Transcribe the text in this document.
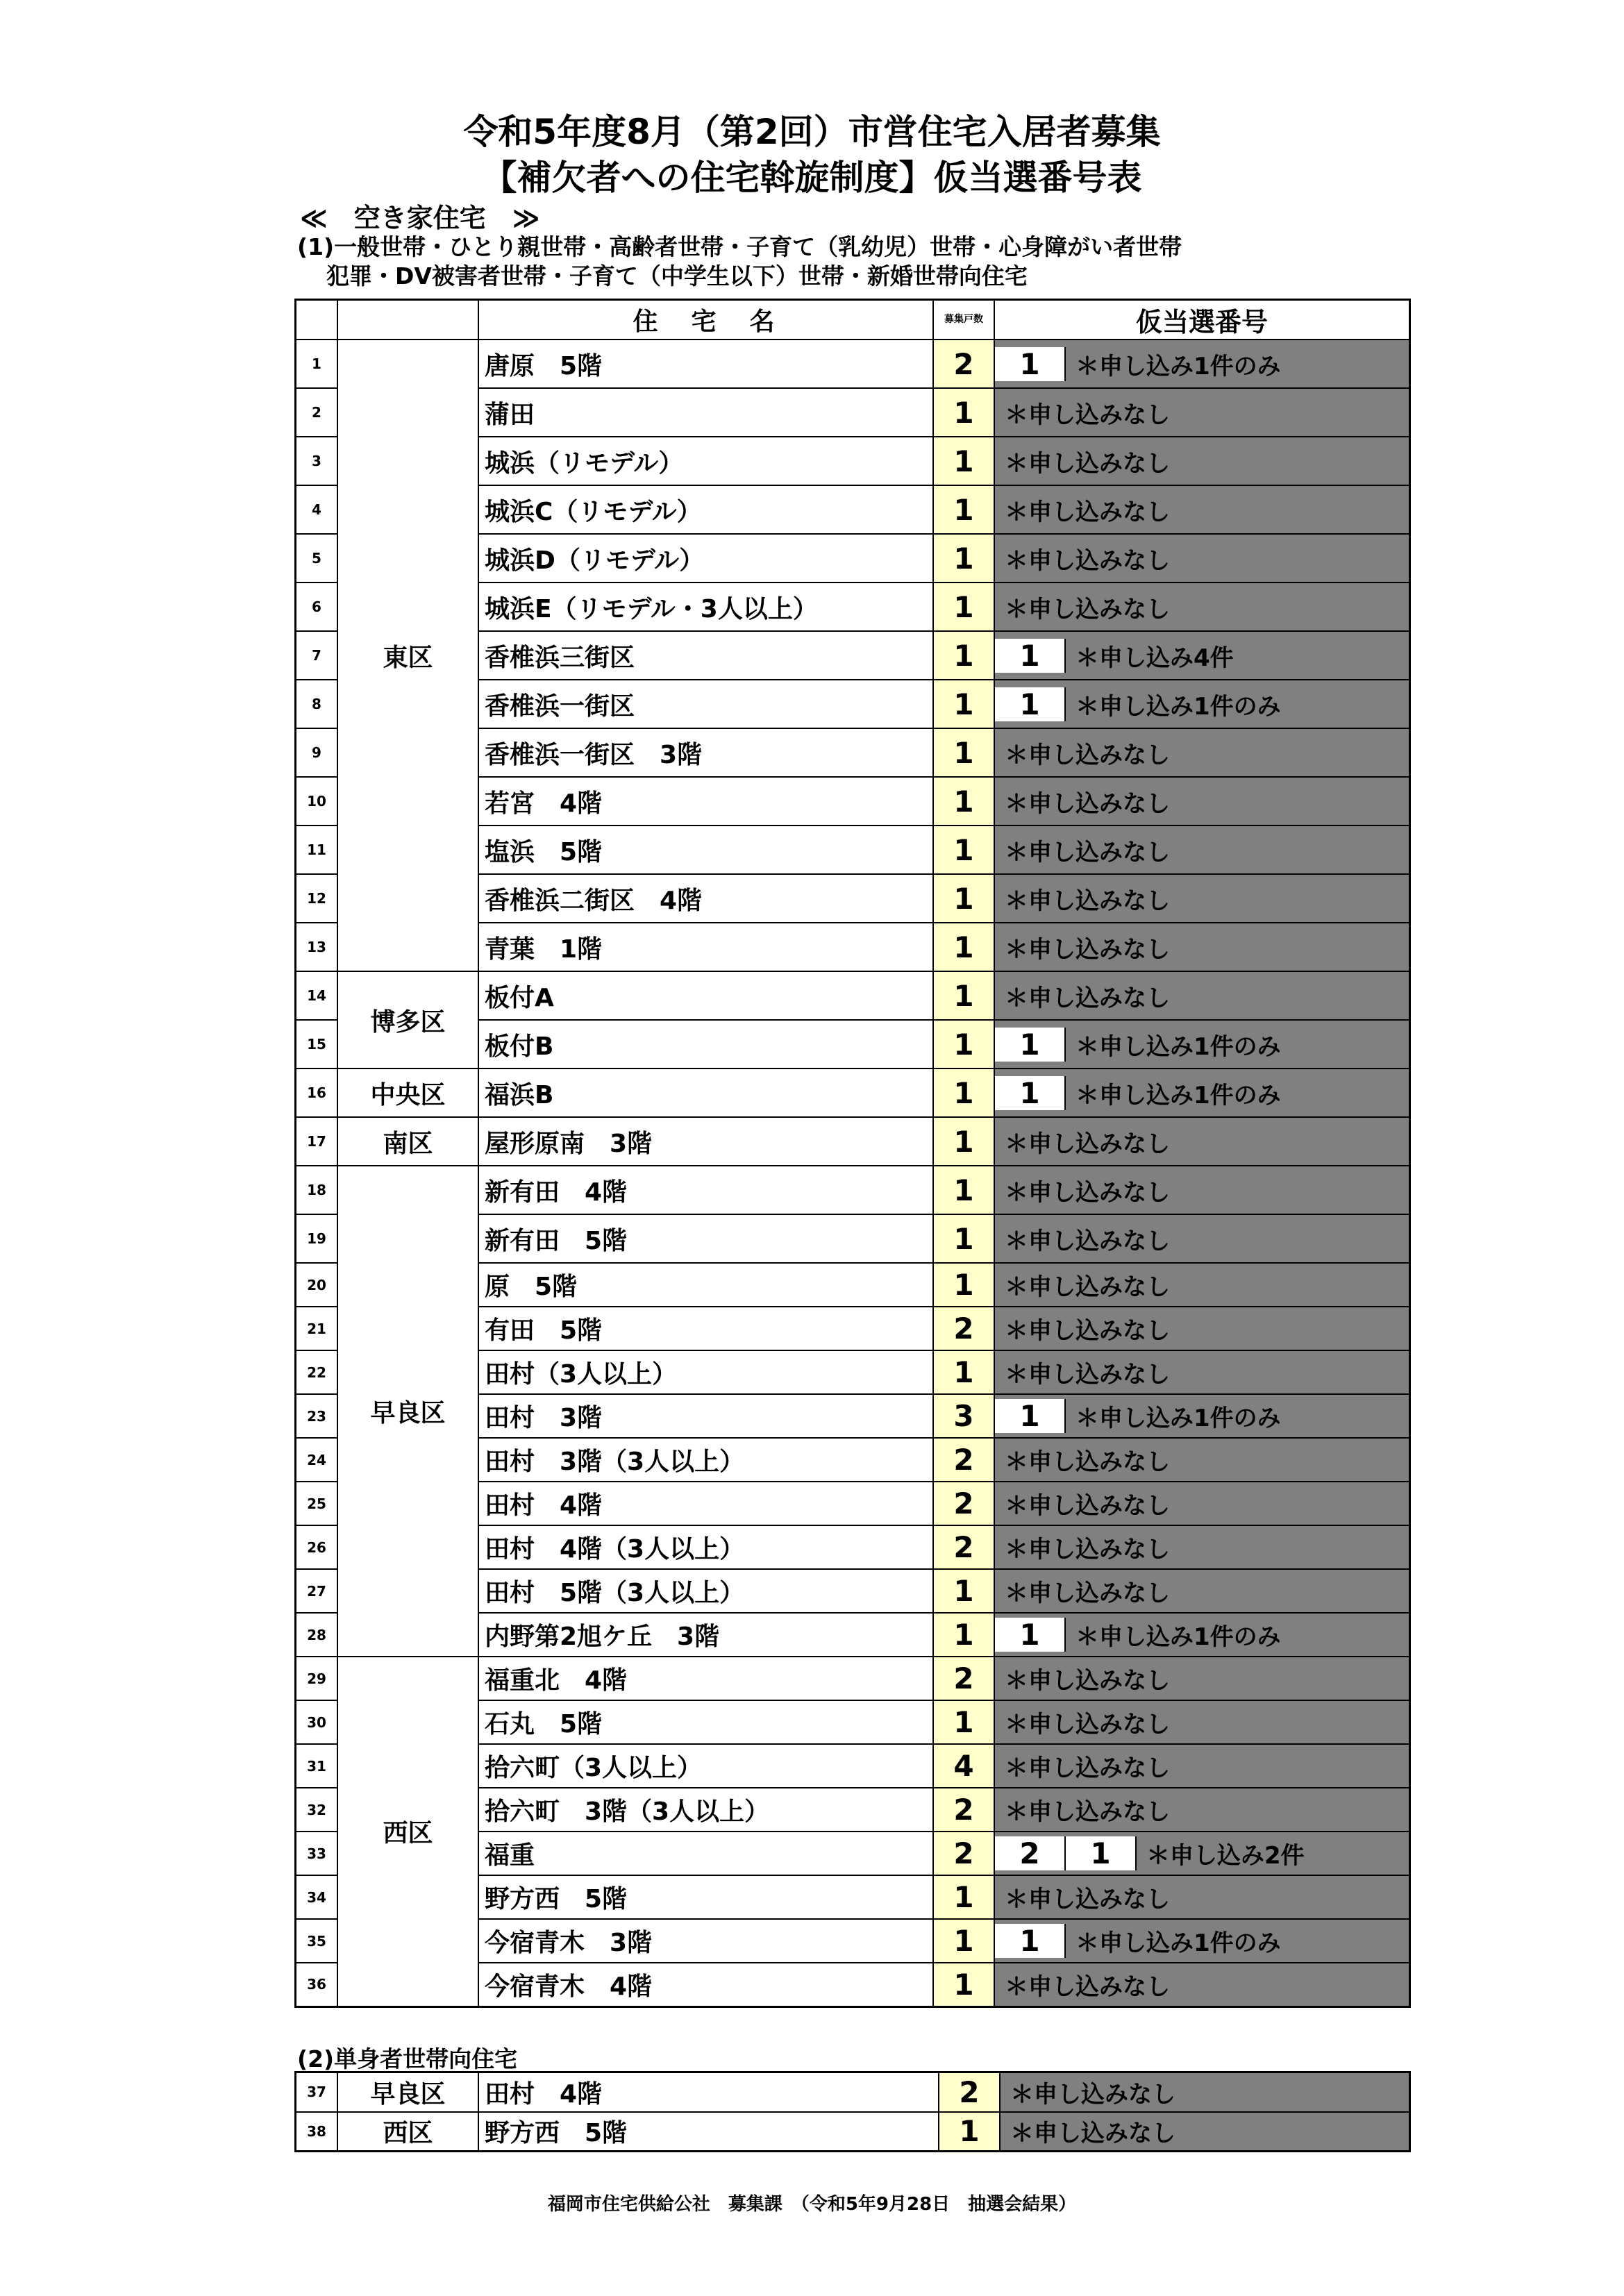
令和5年度8月（第2回）市営住宅入居者募集
【補欠者への住宅斡旋制度】仮当選番号表
≪　空き家住宅　≫
(1)一般世帯・ひとり親世帯・高齢者世帯・子育て（乳幼児）世帯・心身障がい者世帯
犯罪・DV被害者世帯・子育て（中学生以下）世帯・新婚世帯向住宅
		住　宅　名	募集戸数	仮当選番号
1	東区	唐原　5階	2	1 ＊申し込み1件のみ

2		蒲田	1	＊申し込みなし

3		城浜（リモデル）	1	＊申し込みなし

4		城浜C（リモデル）	1	＊申し込みなし

5		城浜D（リモデル）	1	＊申し込みなし

6		城浜E（リモデル・3人以上）	1	＊申し込みなし

7		香椎浜三街区	1	1 ＊申し込み4件

8		香椎浜一街区	1	1 ＊申し込み1件のみ

9		香椎浜一街区　3階	1	＊申し込みなし

10		若宮　4階	1	＊申し込みなし

11		塩浜　5階	1	＊申し込みなし

12		香椎浜二街区　4階	1	＊申し込みなし

13		青葉　1階	1	＊申し込みなし

14	博多区	板付A	1	＊申し込みなし

15		板付B	1	1 ＊申し込み1件のみ

16	中央区	福浜B	1	1 ＊申し込み1件のみ

17	南区	屋形原南　3階	1	＊申し込みなし

18	早良区	新有田　4階	1	＊申し込みなし

19		新有田　5階	1	＊申し込みなし

20		原　5階	1	＊申し込みなし

21		有田　5階	2	＊申し込みなし

22		田村（3人以上）	1	＊申し込みなし

23		田村　3階	3	1 ＊申し込み1件のみ

24		田村　3階（3人以上）	2	＊申し込みなし

25		田村　4階	2	＊申し込みなし

26		田村　4階（3人以上）	2	＊申し込みなし

27		田村　5階（3人以上）	1	＊申し込みなし

28		内野第2旭ケ丘　3階	1	1 ＊申し込み1件のみ

29	西区	福重北　4階	2	＊申し込みなし

30		石丸　5階	1	＊申し込みなし

31		拾六町（3人以上）	4	＊申し込みなし

32		拾六町　3階（3人以上）	2	＊申し込みなし

33		福重	2	2 1 ＊申し込み2件

34		野方西　5階	1	＊申し込みなし

35		今宿青木　3階	1	1 ＊申し込み1件のみ

36		今宿青木　4階	1	＊申し込みなし
(2)単身者世帯向住宅
37	早良区	田村　4階	2	＊申し込みなし

38	西区	野方西　5階	1	＊申し込みなし
福岡市住宅供給公社　募集課　（令和5年9月28日　抽選会結果）
